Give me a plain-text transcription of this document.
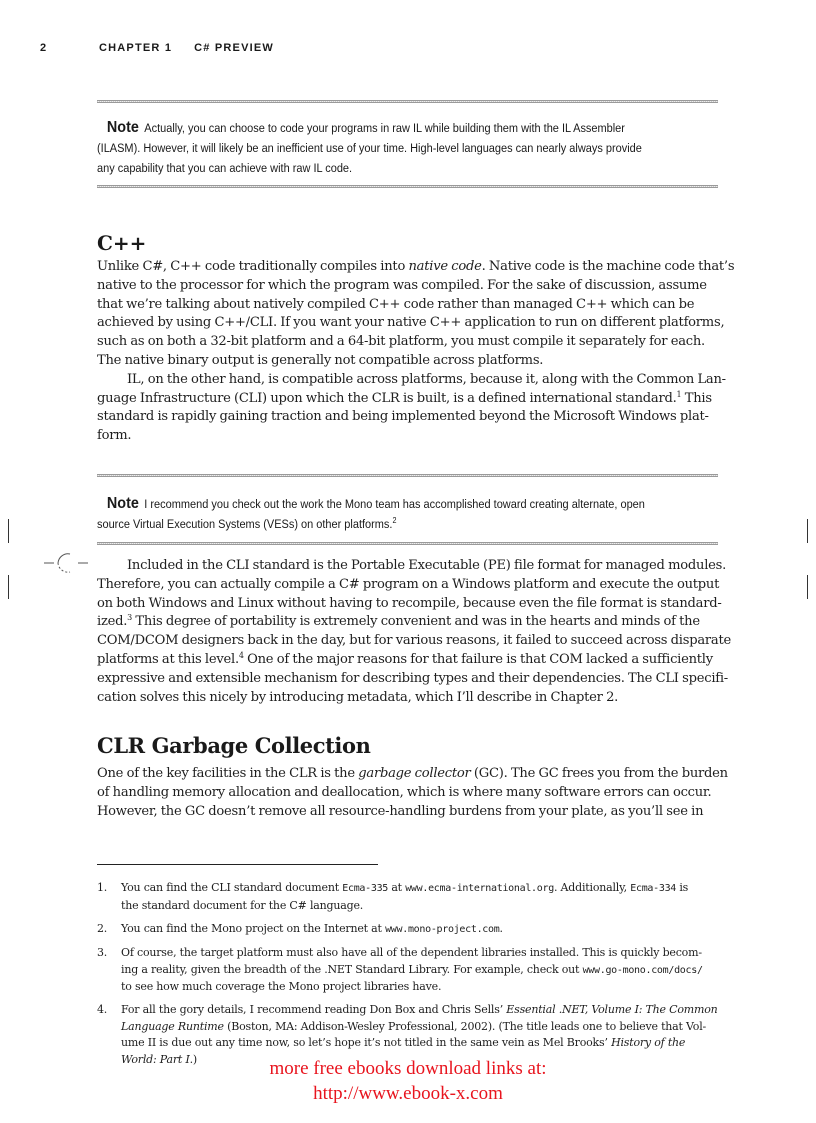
2	CHAPTER 1 C# PREVIEW
Note Actually, you can choose to code your programs in raw IL while building them with the IL Assembler
(ILASM). However, it will likely be an inefficient use of your time. High-level languages can nearly always provide
any capability that you can achieve with raw IL code.
C++
Unlike C#, C++ code traditionally compiles into native code. Native code is the machine code that’s
native to the processor for which the program was compiled. For the sake of discussion, assume
that we’re talking about natively compiled C++ code rather than managed C++ which can be
achieved by using C++/CLI. If you want your native C++ application to run on different platforms,
such as on both a 32-bit platform and a 64-bit platform, you must compile it separately for each.
The native binary output is generally not compatible across platforms.
IL, on the other hand, is compatible across platforms, because it, along with the Common Lan-
guage Infrastructure (CLI) upon which the CLR is built, is a defined international standard.$^1$ This
standard is rapidly gaining traction and being implemented beyond the Microsoft Windows plat-
form.
Note I recommend you check out the work the Mono team has accomplished toward creating alternate, open
source Virtual Execution Systems (VESs) on other platforms.$^2$
Included in the CLI standard is the Portable Executable (PE) file format for managed modules.
Therefore, you can actually compile a C# program on a Windows platform and execute the output
on both Windows and Linux without having to recompile, because even the file format is standard-
ized.$^3$ This degree of portability is extremely convenient and was in the hearts and minds of the
COM/DCOM designers back in the day, but for various reasons, it failed to succeed across disparate
platforms at this level.$^4$ One of the major reasons for that failure is that COM lacked a sufficiently
expressive and extensible mechanism for describing types and their dependencies. The CLI specifi-
cation solves this nicely by introducing metadata, which I’ll describe in Chapter 2.
CLR Garbage Collection
One of the key facilities in the CLR is the garbage collector (GC). The GC frees you from the burden
of handling memory allocation and deallocation, which is where many software errors can occur.
However, the GC doesn’t remove all resource-handling burdens from your plate, as you’ll see in
1. You can find the CLI standard document Ecma-335 at www.ecma-international.org. Additionally, Ecma-334 is
the standard document for the C# language.
2. You can find the Mono project on the Internet at www.mono-project.com.
3. Of course, the target platform must also have all of the dependent libraries installed. This is quickly becom-
ing a reality, given the breadth of the .NET Standard Library. For example, check out www.go-mono.com/docs/
to see how much coverage the Mono project libraries have.
4. For all the gory details, I recommend reading Don Box and Chris Sells’ Essential .NET, Volume I: The Common
Language Runtime (Boston, MA: Addison-Wesley Professional, 2002). (The title leads one to believe that Vol-
ume II is due out any time now, so let’s hope it’s not titled in the same vein as Mel Brooks’ History of the
World: Part I.)	more free ebooks download links at:
http://www.ebook-x.com
